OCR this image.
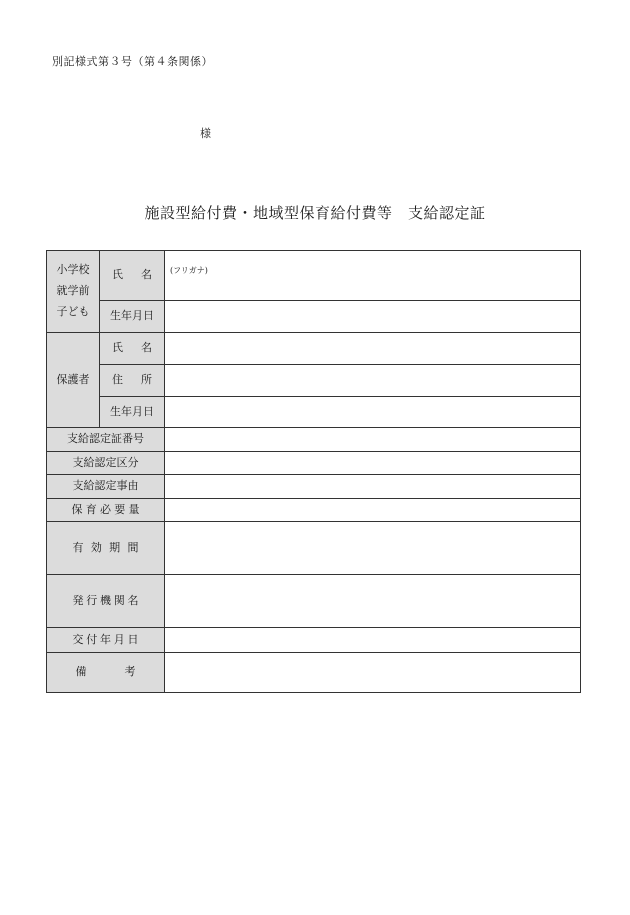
別記様式第３号（第４条関係）
様
施設型給付費・地域型保育給付費等　支給認定証
小学校
就学前
子ども	氏名	(フリガナ)

	生年月日	
保護者	氏名	
	住所	
	生年月日	
支給認定証番号		
支給認定区分		
支給認定事由		
保育必要量		
有効期間		
発行機関名		
交付年月日		
備考		
